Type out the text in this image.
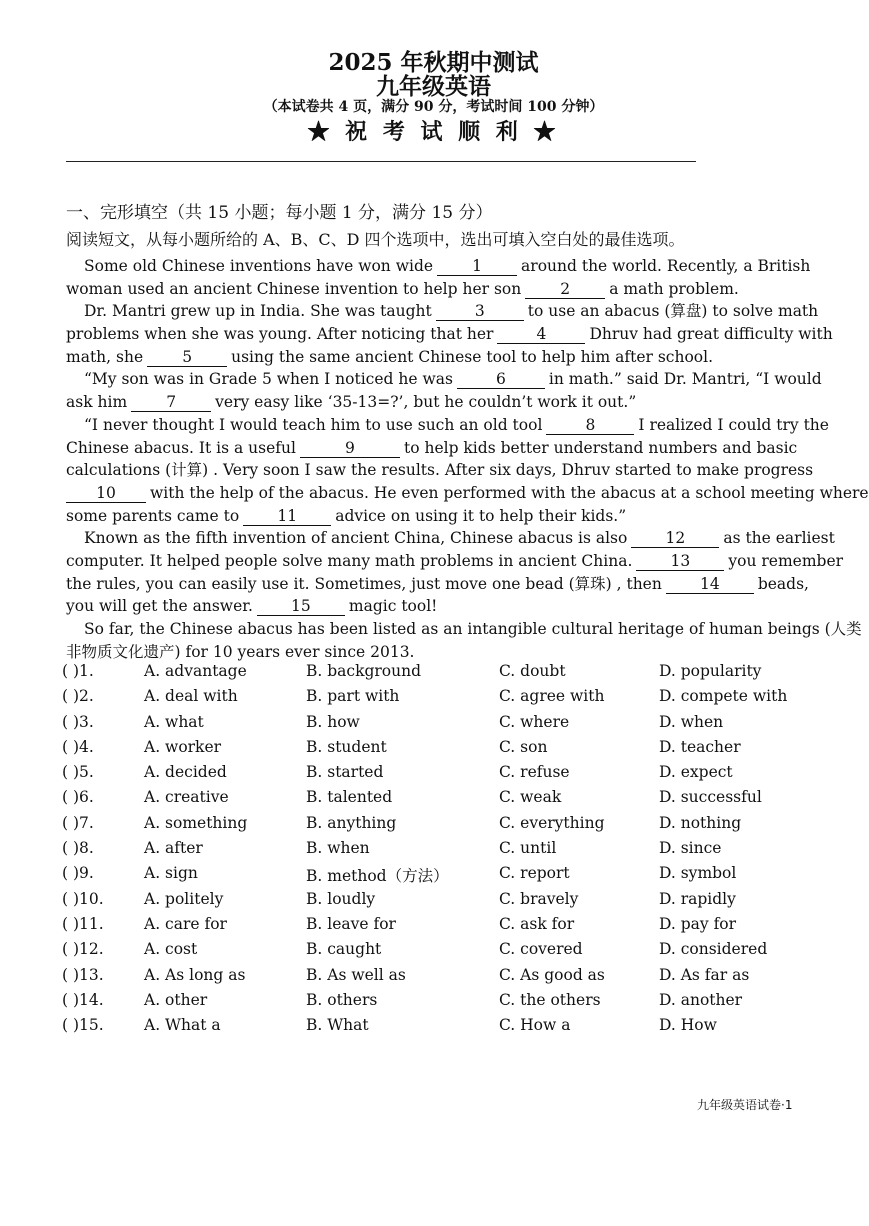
2025 年秋期中测试
九年级英语
（本试卷共 4 页，满分 90 分，考试时间 100 分钟）
★ 祝 考 试 顺 利 ★
一、完形填空（共 15 小题；每小题 1 分，满分 15 分）
阅读短文，从每小题所给的 A、B、C、D 四个选项中，选出可填入空白处的最佳选项。
Some old Chinese inventions have won wide	1	around the world. Recently, a British
woman used an ancient Chinese invention to help her son	2	a math problem.
Dr. Mantri grew up in India. She was taught	3	to use an abacus (算盘) to solve math
problems when she was young. After noticing that her	4	Dhruv had great difficulty with
math, she	5	using the same ancient Chinese tool to help him after school.
“My son was in Grade 5 when I noticed he was	6	in math.” said Dr. Mantri, “I would
ask him	7	very easy like ‘35-13=?’, but he couldn’t work it out.”
“I never thought I would teach him to use such an old tool	8	I realized I could try the
Chinese abacus. It is a useful	9	to help kids better understand numbers and basic
calculations (计算) . Very soon I saw the results. After six days, Dhruv started to make progress
10 with the help of the abacus. He even performed with the abacus at a school meeting where
some parents came to 11 advice on using it to help their kids.”
Known as the fifth invention of ancient China, Chinese abacus is also 12 as the earliest
computer. It helped people solve many math problems in ancient China. 13 you remember
the rules, you can easily use it. Sometimes, just move one bead (算珠) , then 14 beads,
you will get the answer. 15 magic tool!
So far, the Chinese abacus has been listed as an intangible cultural heritage of human beings (人类
非物质文化遗产) for 10 years ever since 2013.
( )1.	A. advantage	B. background	C. doubt	D. popularity
( )2.	A. deal with	B. part with	C. agree with	D. compete with
( )3.	A. what	B. how	C. where	D. when
( )4.	A. worker	B. student	C. son	D. teacher
( )5.	A. decided	B. started	C. refuse	D. expect
( )6.	A. creative	B. talented	C. weak	D. successful
( )7.	A. something	B. anything	C. everything	D. nothing
( )8.	A. after	B. when	C. until	D. since
( )9.	A. sign	B. method（方法）	C. report	D. symbol
( )10.	A. politely	B. loudly	C. bravely	D. rapidly
( )11.	A. care for	B. leave for	C. ask for	D. pay for
( )12.	A. cost	B. caught	C. covered	D. considered
( )13.	A. As long as	B. As well as	C. As good as	D. As far as
( )14.	A. other	B. others	C. the others	D. another
( )15.	A. What a	B. What	C. How a	D. How
九年级英语试卷·1
